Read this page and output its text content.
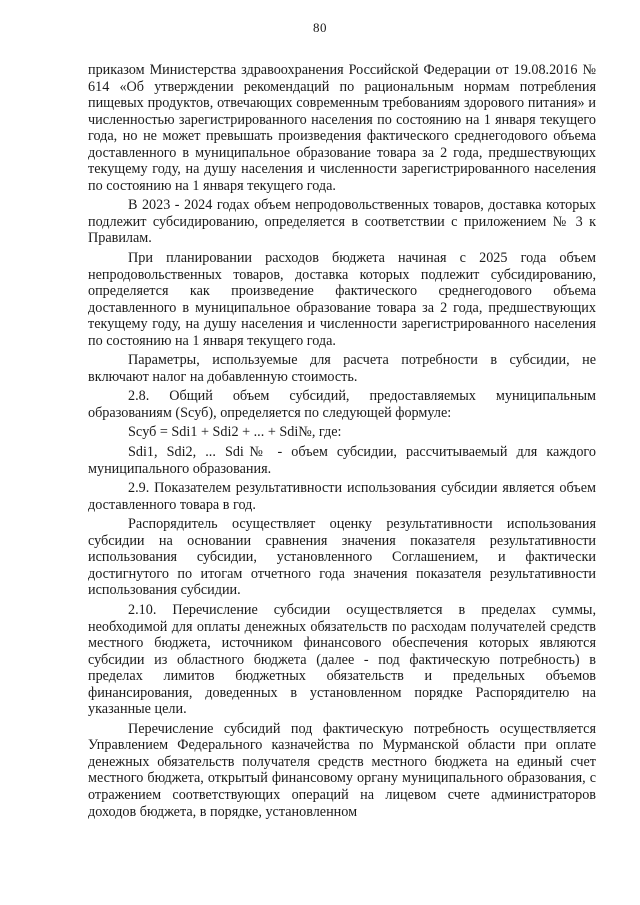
80

приказом Министерства здравоохранения Российской Федерации от 19.08.2016 № 614 «Об утверждении рекомендаций по рациональным нормам потребления пищевых продуктов, отвечающих современным требованиям здорового питания» и численностью зарегистрированного населения по состоянию на 1 января текущего года, но не может превышать произведения фактического среднегодового объема доставленного в муниципальное образование товара за 2 года, предшествующих текущему году, на душу населения и численности зарегистрированного населения по состоянию на 1 января текущего года.

В 2023 - 2024 годах объем непродовольственных товаров, доставка которых подлежит субсидированию, определяется в соответствии с приложением № 3 к Правилам.

При планировании расходов бюджета начиная с 2025 года объем непродовольственных товаров, доставка которых подлежит субсидированию, определяется как произведение фактического среднегодового объема доставленного в муниципальное образование товара за 2 года, предшествующих текущему году, на душу населения и численности зарегистрированного населения по состоянию на 1 января текущего года.

Параметры, используемые для расчета потребности в субсидии, не включают налог на добавленную стоимость.

2.8. Общий объем субсидий, предоставляемых муниципальным образованиям (Scуб), определяется по следующей формуле:

Scуб = Sdi1 + Sdi2 + ... + Sdi№, где:

Sdi1, Sdi2, ... Sdi№ - объем субсидии, рассчитываемый для каждого муниципального образования.

2.9. Показателем результативности использования субсидии является объем доставленного товара в год.

Распорядитель осуществляет оценку результативности использования субсидии на основании сравнения значения показателя результативности использования субсидии, установленного Соглашением, и фактически достигнутого по итогам отчетного года значения показателя результативности использования субсидии.

2.10. Перечисление субсидии осуществляется в пределах суммы, необходимой для оплаты денежных обязательств по расходам получателей средств местного бюджета, источником финансового обеспечения которых являются субсидии из областного бюджета (далее - под фактическую потребность) в пределах лимитов бюджетных обязательств и предельных объемов финансирования, доведенных в установленном порядке Распорядителю на указанные цели.

Перечисление субсидий под фактическую потребность осуществляется Управлением Федерального казначейства по Мурманской области при оплате денежных обязательств получателя средств местного бюджета на единый счет местного бюджета, открытый финансовому органу муниципального образования, с отражением соответствующих операций на лицевом счете администраторов доходов бюджета, в порядке, установленном
